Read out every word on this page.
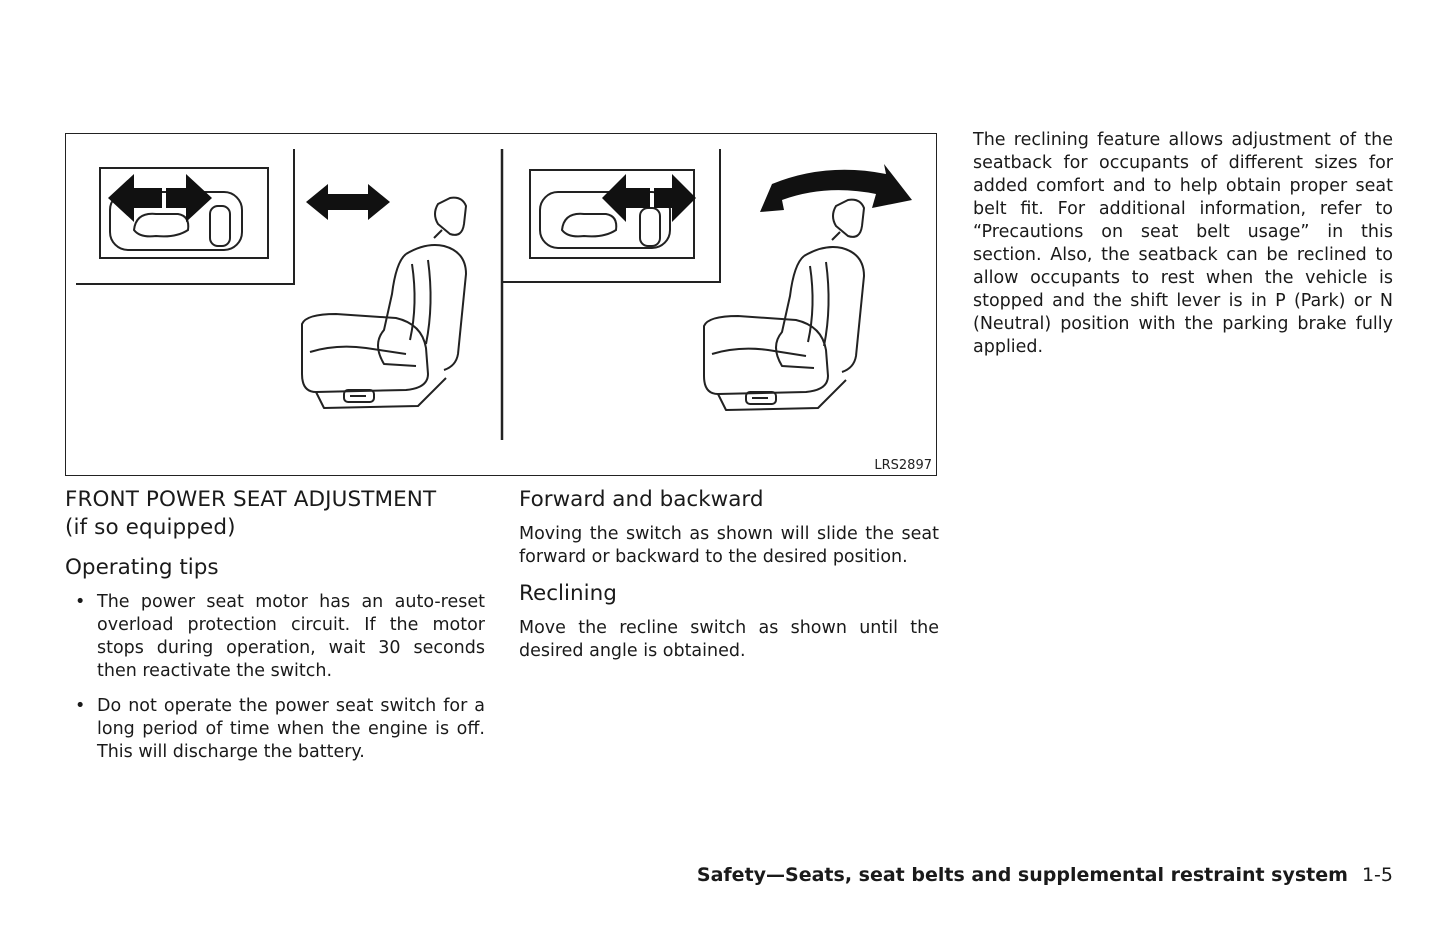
LRS2897
FRONT POWER SEAT ADJUSTMENT
(if so equipped)
Operating tips
• The power seat motor has an auto-reset overload protection circuit. If the motor stops during operation, wait 30 seconds then reactivate the switch.
• Do not operate the power seat switch for a long period of time when the engine is off. This will discharge the battery.
Forward and backward

Moving the switch as shown will slide the seat forward or backward to the desired position.

Reclining

Move the recline switch as shown until the desired angle is obtained.

The reclining feature allows adjustment of the seatback for occupants of different sizes for added comfort and to help obtain proper seat belt fit. For additional information, refer to “Precautions on seat belt usage” in this section. Also, the seatback can be reclined to allow occupants to rest when the vehicle is stopped and the shift lever is in P (Park) or N (Neutral) position with the parking brake fully applied.

Safety—Seats, seat belts and supplemental restraint system 1-5
